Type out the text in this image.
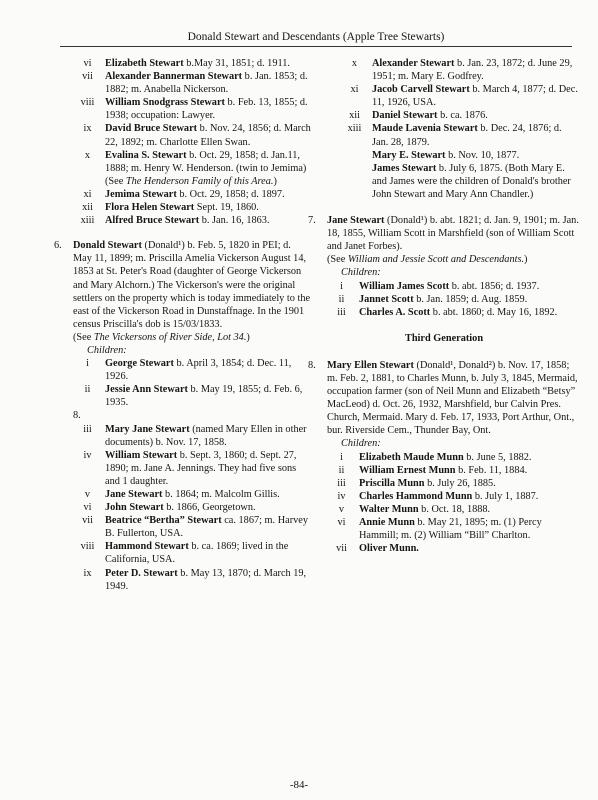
Donald Stewart and Descendants (Apple Tree Stewarts)
vi	Elizabeth Stewart b.May 31, 1851; d. 1911.
vii	Alexander Bannerman Stewart b. Jan. 1853; d. 1882; m. Anabella Nickerson.
viii	William Snodgrass Stewart b. Feb. 13, 1855; d. 1938; occupation: Lawyer.
ix	David Bruce Stewart b. Nov. 24, 1856; d. March 22, 1892; m. Charlotte Ellen Swan.
x	Evalina S. Stewart b. Oct. 29, 1858; d. Jan.11, 1888; m. Henry W. Henderson. (twin to Jemima) (See The Henderson Family of this Area.)
xi	Jemima Stewart b. Oct. 29, 1858; d. 1897.
xii	Flora Helen Stewart Sept. 19, 1860.
xiii	Alfred Bruce Stewart b. Jan. 16, 1863.
6. Donald Stewart (Donald¹) b. Feb. 5, 1820 in PEI; d. May 11, 1899; m. Priscilla Amelia Vickerson August 14, 1853 at St. Peter's Road (daughter of George Vickerson and Mary Alchorn.) The Vickerson's were the original settlers on the property which is today immediately to the east of the Vickerson Road in Dunstaffnage. In the 1901 census Priscilla's dob is 15/03/1833.
(See The Vickersons of River Side, Lot 34.)
Children:
i	George Stewart b. April 3, 1854; d. Dec. 11, 1926.
ii	Jessie Ann Stewart b. May 19, 1855; d. Feb. 6, 1935.
8.
iii	Mary Jane Stewart (named Mary Ellen in other documents) b. Nov. 17, 1858.
iv	William Stewart b. Sept. 3, 1860; d. Sept. 27, 1890; m. Jane A. Jennings. They had five sons and 1 daughter.
v	Jane Stewart b. 1864; m. Malcolm Gillis.
vi	John Stewart b. 1866, Georgetown.
vii	Beatrice “Bertha” Stewart ca. 1867; m. Harvey B. Fullerton, USA.
viii	Hammond Stewart b. ca. 1869; lived in the California, USA.
ix	Peter D. Stewart b. May 13, 1870; d. March 19, 1949.
x	Alexander Stewart b. Jan. 23, 1872; d. June 29, 1951; m. Mary E. Godfrey.
xi	Jacob Carvell Stewart b. March 4, 1877; d. Dec. 11, 1926, USA.
xii	Daniel Stewart b. ca. 1876.
xiii	Maude Lavenia Stewart b. Dec. 24, 1876; d. Jan. 28, 1879.
Mary E. Stewart b. Nov. 10, 1877.
James Stewart b. July 6, 1875. (Both Mary E. and James were the children of Donald's brother John Stewart and Mary Ann Chandler.)
7. Jane Stewart (Donald¹) b. abt. 1821; d. Jan. 9, 1901; m. Jan. 18, 1855, William Scott in Marshfield (son of William Scott and Janet Forbes).
(See William and Jessie Scott and Descendants.)
Children:
i	William James Scott b. abt. 1856; d. 1937.
ii	Jannet Scott b. Jan. 1859; d. Aug. 1859.
iii	Charles A. Scott b. abt. 1860; d. May 16, 1892.
Third Generation
8. Mary Ellen Stewart (Donald¹, Donald²) b. Nov. 17, 1858; m. Feb. 2, 1881, to Charles Munn, b. July 3, 1845, Mermaid, occupation farmer (son of Neil Munn and Elizabeth “Betsy” MacLeod) d. Oct. 26, 1932, Marshfield, bur Calvin Pres. Church, Mermaid. Mary d. Feb. 17, 1933, Port Arthur, Ont., bur. Riverside Cem., Thunder Bay, Ont.
Children:
i	Elizabeth Maude Munn b. June 5, 1882.
ii	William Ernest Munn b. Feb. 11, 1884.
iii	Priscilla Munn b. July 26, 1885.
iv	Charles Hammond Munn b. July 1, 1887.
v	Walter Munn b. Oct. 18, 1888.
vi	Annie Munn b. May 21, 1895; m. (1) Percy Hammill; m. (2) William “Bill” Charlton.
vii	Oliver Munn.
-84-
